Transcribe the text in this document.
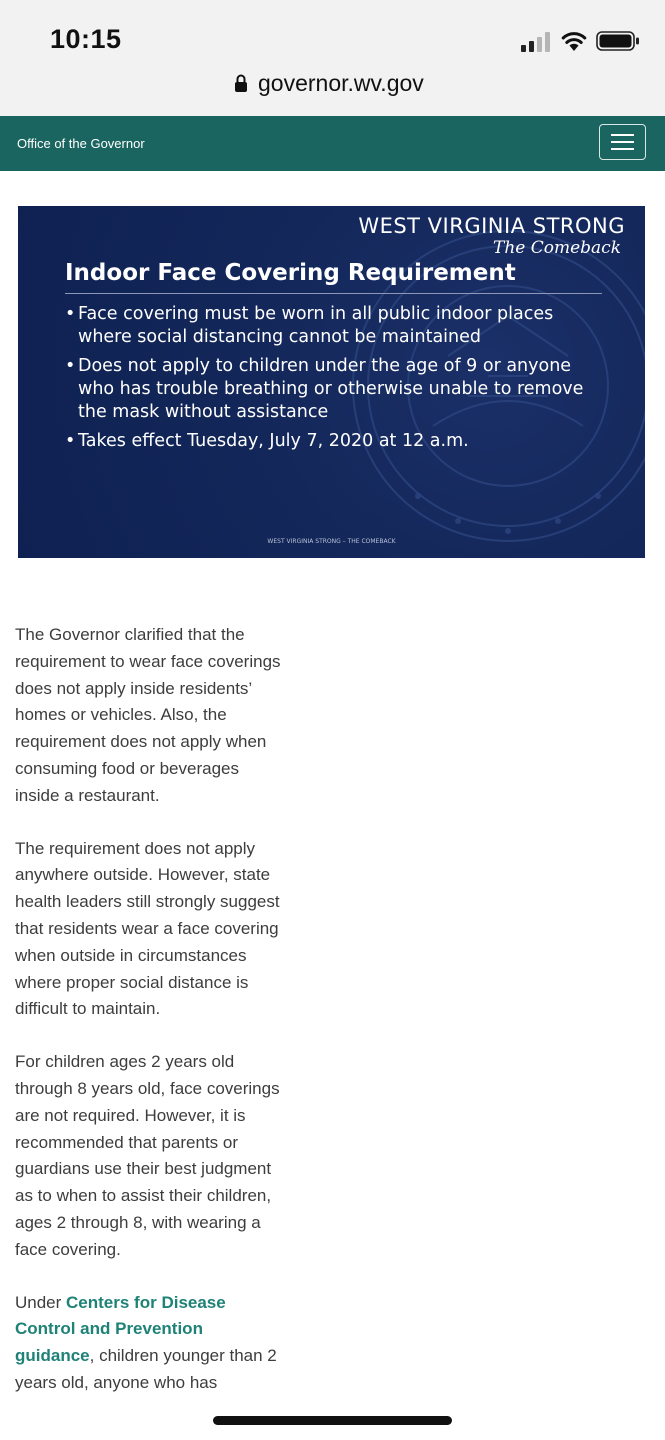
10:15
governor.wv.gov
Office of the Governor
WEST VIRGINIA STRONG
The Comeback
Indoor Face Covering Requirement
• Face covering must be worn in all public indoor places where social distancing cannot be maintained
• Does not apply to children under the age of 9 or anyone who has trouble breathing or otherwise unable to remove the mask without assistance
• Takes effect Tuesday, July 7, 2020 at 12 a.m.
WEST VIRGINIA STRONG – THE COMEBACK

The Governor clarified that the requirement to wear face coverings does not apply inside residents’ homes or vehicles. Also, the requirement does not apply when consuming food or beverages inside a restaurant.

The requirement does not apply anywhere outside. However, state health leaders still strongly suggest that residents wear a face covering when outside in circumstances where proper social distance is difficult to maintain.

For children ages 2 years old through 8 years old, face coverings are not required. However, it is recommended that parents or guardians use their best judgment as to when to assist their children, ages 2 through 8, with wearing a face covering.

Under Centers for Disease Control and Prevention guidance, children younger than 2 years old, anyone who has
